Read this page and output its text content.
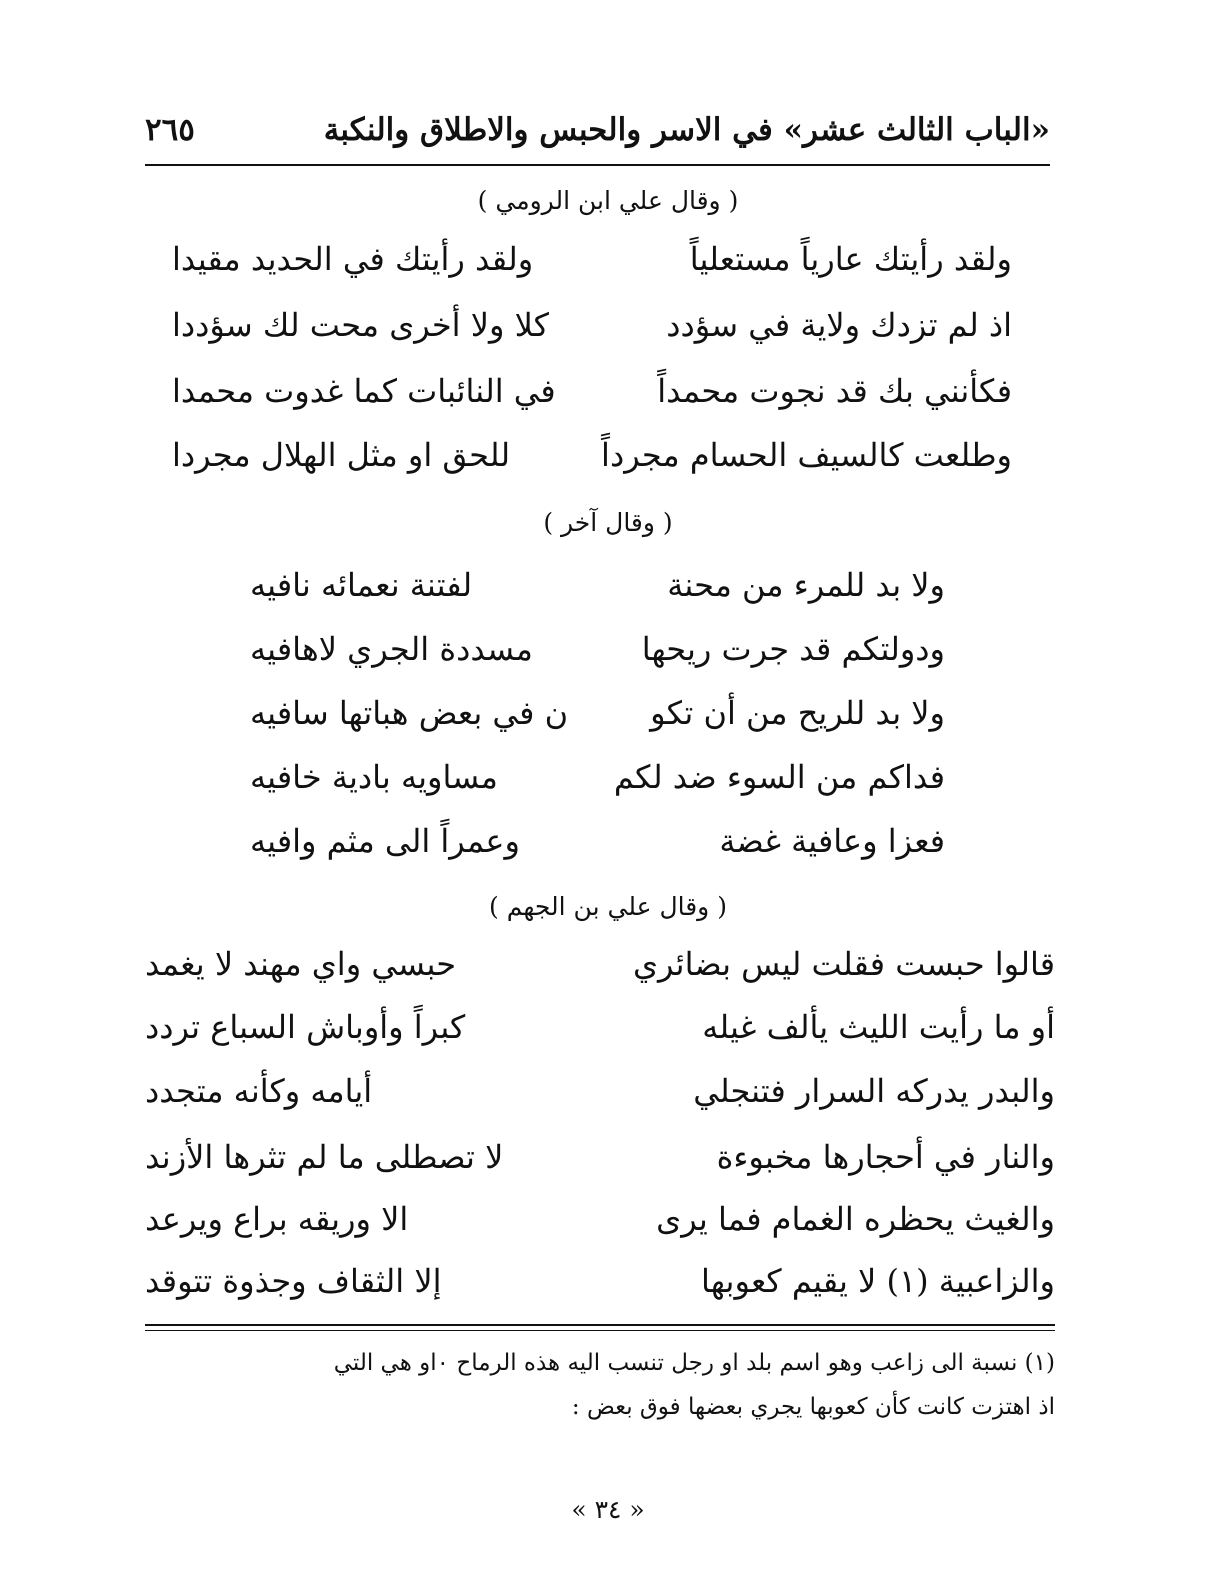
«الباب الثالث عشر» في الاسر والحبس والاطلاق والنكبة
٢٦٥
( وقال علي ابن الرومي )
ولقد رأيتك عارياً مستعلياً
ولقد رأيتك في الحديد مقيدا
اذ لم تزدك ولاية في سؤدد
كلا ولا أخرى محت لك سؤددا
فكأنني بك قد نجوت محمداً
في النائبات كما غدوت محمدا
وطلعت كالسيف الحسام مجرداً
للحق او مثل الهلال مجردا
( وقال آخر )
ولا بد للمرء من محنة
لفتنة نعمائه نافيه
ودولتكم قد جرت ريحها
مسددة الجري لاهافيه
ولا بد للريح من أن تكو
ن في بعض هباتها سافيه
فداكم من السوء ضد لكم
مساويه بادية خافيه
فعزا وعافية غضة
وعمراً الى مثم وافيه
( وقال علي بن الجهم )
قالوا حبست فقلت ليس بضائري
حبسي واي مهند لا يغمد
أو ما رأيت الليث يألف غيله
كبراً وأوباش السباع تردد
والبدر يدركه السرار فتنجلي
أيامه وكأنه متجدد
والنار في أحجارها مخبوءة
لا تصطلى ما لم تثرها الأزند
والغيث يحظره الغمام فما يرى
الا وريقه براع ويرعد
والزاعبية (١) لا يقيم كعوبها
إلا الثقاف وجذوة تتوقد
(١) نسبة الى زاعب وهو اسم بلد او رجل تنسب اليه هذه الرماح ٠او هي التي
اذ اهتزت كانت كأن كعوبها يجري بعضها فوق بعض :
« ٣٤ »
